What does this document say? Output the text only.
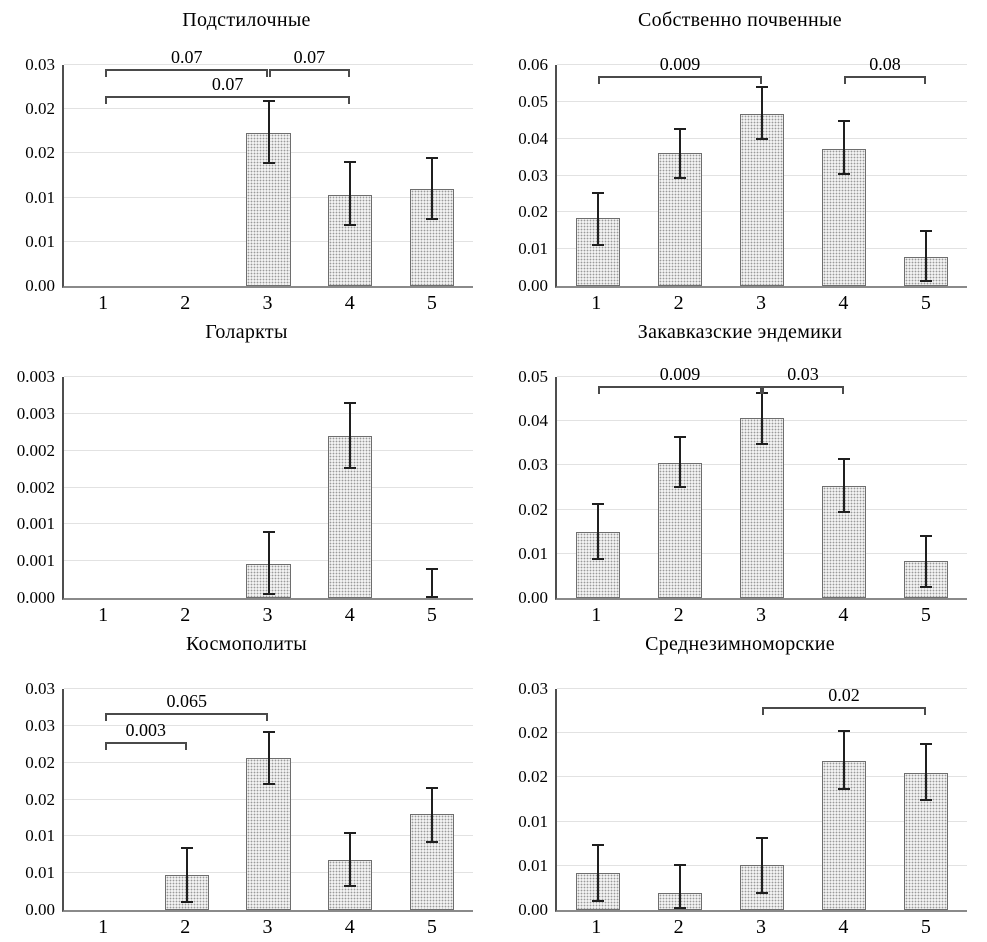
Подстилочные
0.00
0.01
0.01
0.02
0.02
0.03	0.07	0.07
0.07
1	2	3	4	5
Собственно почвенные
0.00
0.01
0.02
0.03
0.04
0.05
0.06	0.009	0.08
1	2	3	4	5
Голаркты
0.000
0.001
0.001
0.002
0.002
0.003
0.003
1	2	3	4	5
Закавказские эндемики
0.00
0.01
0.02
0.03
0.04
0.05	0.009	0.03
1	2	3	4	5
Космополиты
0.00
0.01
0.01
0.02
0.02
0.03
0.03
0.065
0.003
1	2	3	4	5
Среднезимноморские
0.00
0.01
0.01
0.02
0.02
0.03	0.02
1	2	3	4	5
